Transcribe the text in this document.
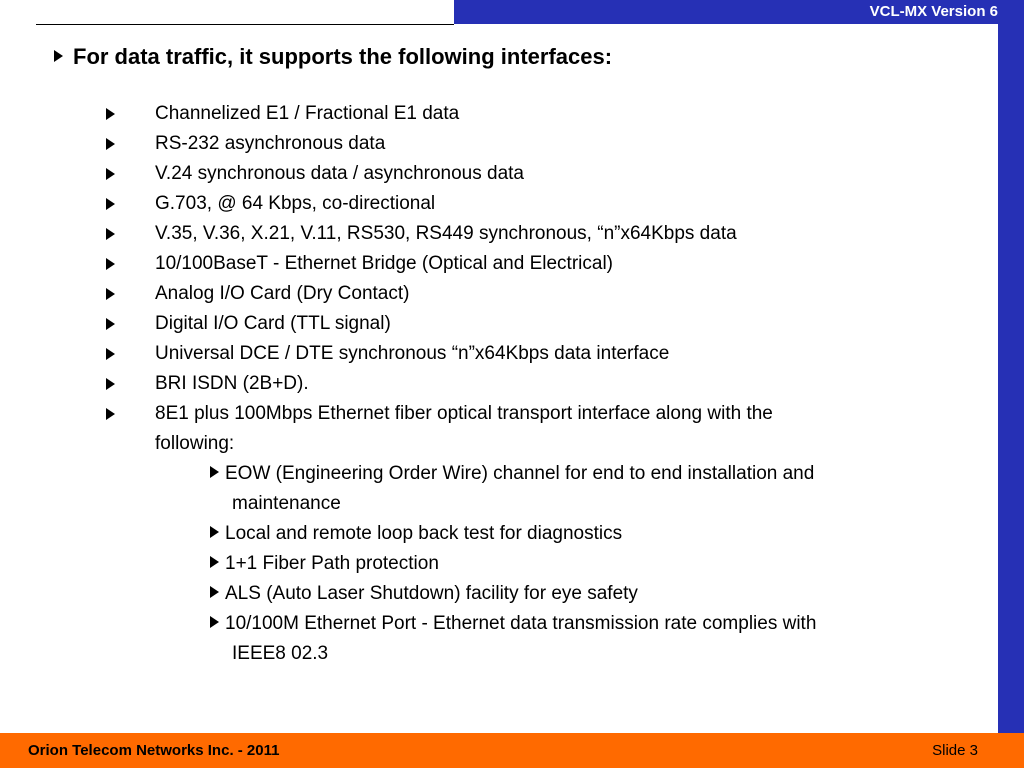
VCL-MX Version 6
For data traffic, it supports the following interfaces:
Channelized E1 / Fractional E1 data
RS-232 asynchronous data
V.24 synchronous data / asynchronous data
G.703, @ 64 Kbps, co-directional
V.35, V.36, X.21, V.11, RS530, RS449 synchronous, “n”x64Kbps data
10/100BaseT - Ethernet Bridge (Optical and Electrical)
Analog I/O Card (Dry Contact)
Digital I/O Card (TTL signal)
Universal DCE / DTE synchronous “n”x64Kbps data interface
BRI ISDN (2B+D).
8E1 plus 100Mbps Ethernet fiber optical transport interface along with the
following:
EOW (Engineering Order Wire) channel for end to end installation and
maintenance
Local and remote loop back test for diagnostics
1+1 Fiber Path protection
ALS (Auto Laser Shutdown) facility for eye safety
10/100M Ethernet Port - Ethernet data transmission rate complies with
IEEE8 02.3
Orion Telecom Networks Inc. - 2011	Slide 3
